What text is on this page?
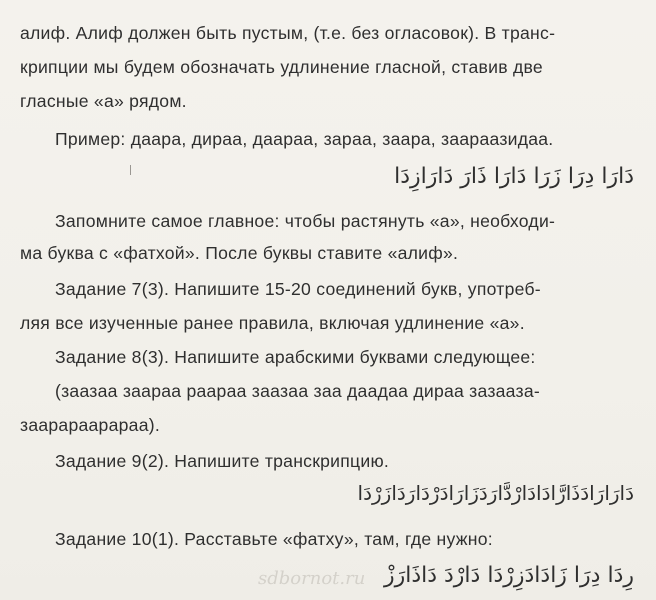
алиф. Алиф должен быть пустым, (т.е. без огласовок). В транс-
крипции мы будем обозначать удлинение гласной, ставив две
гласные «а» рядом.
Пример: даара, дираа, даараа, зараа, заара, заараазидаа.
دَارَا دِرَا زَرَا دَارَا ذَارَ دَارَازِدَا
Запомните самое главное: чтобы растянуть «а», необходи-
ма буква с «фатхой». После буквы ставите «алиф».
Задание 7(3). Напишите 15-20 соединений букв, употреб-
ляя все изученные ранее правила, включая удлинение «а».
Задание 8(3). Напишите арабскими буквами следующее:
(заазаа заараа раараа заазаа заа даадаа дираа зазааза-
заарараарараа).
Задание 9(2). Напишите транскрипцию.
دَارَارَادَذَارَّادَادَارْدَّارَدَزَارَادَرْدَارَدَازَرْدَا
Задание 10(1). Расставьте «фатху», там, где нужно:
رِدَا دِرَا زَادَادَزِرْدَا دَارْدَ دَاذَارَزْ
sdbornot.ru
